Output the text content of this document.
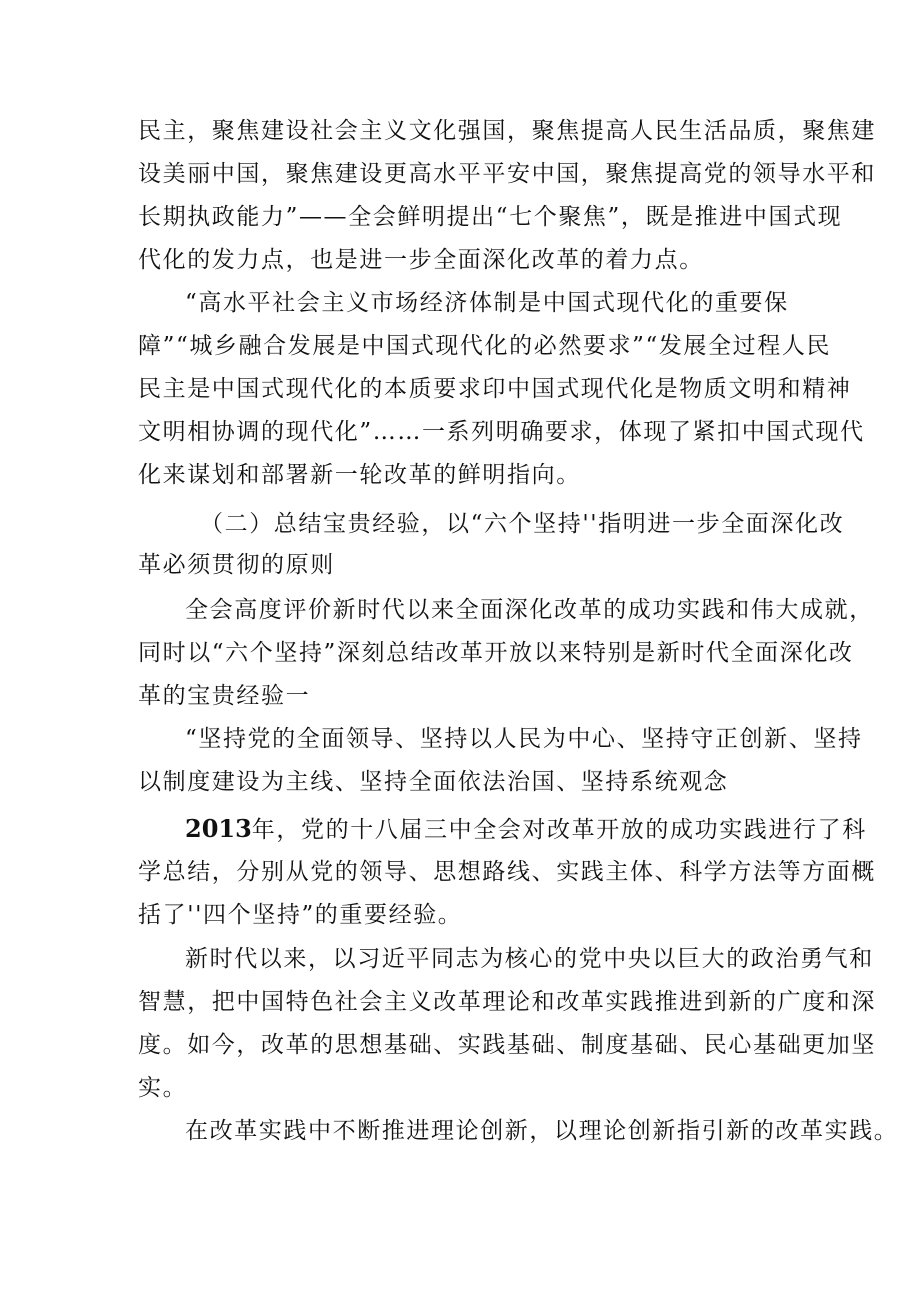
民主，聚焦建设社会主义文化强国，聚焦提高人民生活品质，聚焦建
设美丽中国，聚焦建设更高水平平安中国，聚焦提高党的领导水平和
长期执政能力”——全会鲜明提出“七个聚焦”，既是推进中国式现
代化的发力点，也是进一步全面深化改革的着力点。
“高水平社会主义市场经济体制是中国式现代化的重要保
障”“城乡融合发展是中国式现代化的必然要求”“发展全过程人民
民主是中国式现代化的本质要求印中国式现代化是物质文明和精神
文明相协调的现代化”……一系列明确要求，体现了紧扣中国式现代
化来谋划和部署新一轮改革的鲜明指向。
（二）总结宝贵经验，以“六个坚持''指明进一步全面深化改
革必须贯彻的原则
全会高度评价新时代以来全面深化改革的成功实践和伟大成就，
同时以“六个坚持”深刻总结改革开放以来特别是新时代全面深化改
革的宝贵经验一
“坚持党的全面领导、坚持以人民为中心、坚持守正创新、坚持
以制度建设为主线、坚持全面依法治国、坚持系统观念
2013年，党的十八届三中全会对改革开放的成功实践进行了科
学总结，分别从党的领导、思想路线、实践主体、科学方法等方面概
括了''四个坚持”的重要经验。
新时代以来，以习近平同志为核心的党中央以巨大的政治勇气和
智慧，把中国特色社会主义改革理论和改革实践推进到新的广度和深
度。如今，改革的思想基础、实践基础、制度基础、民心基础更加坚
实。
在改革实践中不断推进理论创新，以理论创新指引新的改革实践。
